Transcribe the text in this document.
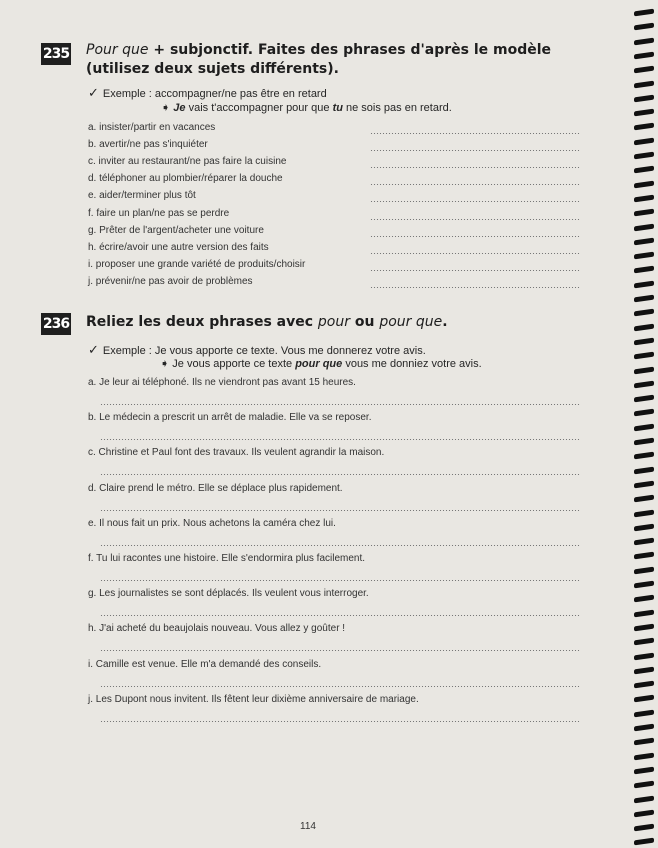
235 Pour que + subjonctif. Faites des phrases d'après le modèle
(utilisez deux sujets différents).
✓ Exemple : accompagner/ne pas être en retard
➧ Je vais t'accompagner pour que tu ne sois pas en retard.
a. insister/partir en vacances
b. avertir/ne pas s'inquiéter
c. inviter au restaurant/ne pas faire la cuisine
d. téléphoner au plombier/réparer la douche
e. aider/terminer plus tôt
f. faire un plan/ne pas se perdre
g. Prêter de l'argent/acheter une voiture
h. écrire/avoir une autre version des faits
i. proposer une grande variété de produits/choisir
j. prévenir/ne pas avoir de problèmes
236 Reliez les deux phrases avec pour ou pour que.
✓ Exemple : Je vous apporte ce texte. Vous me donnerez votre avis.
➧ Je vous apporte ce texte pour que vous me donniez votre avis.
a. Je leur ai téléphoné. Ils ne viendront pas avant 15 heures.
b. Le médecin a prescrit un arrêt de maladie. Elle va se reposer.
c. Christine et Paul font des travaux. Ils veulent agrandir la maison.
d. Claire prend le métro. Elle se déplace plus rapidement.
e. Il nous fait un prix. Nous achetons la caméra chez lui.
f. Tu lui racontes une histoire. Elle s'endormira plus facilement.
g. Les journalistes se sont déplacés. Ils veulent vous interroger.
h. J'ai acheté du beaujolais nouveau. Vous allez y goûter !
i. Camille est venue. Elle m'a demandé des conseils.
j. Les Dupont nous invitent. Ils fêtent leur dixième anniversaire de mariage.
114
